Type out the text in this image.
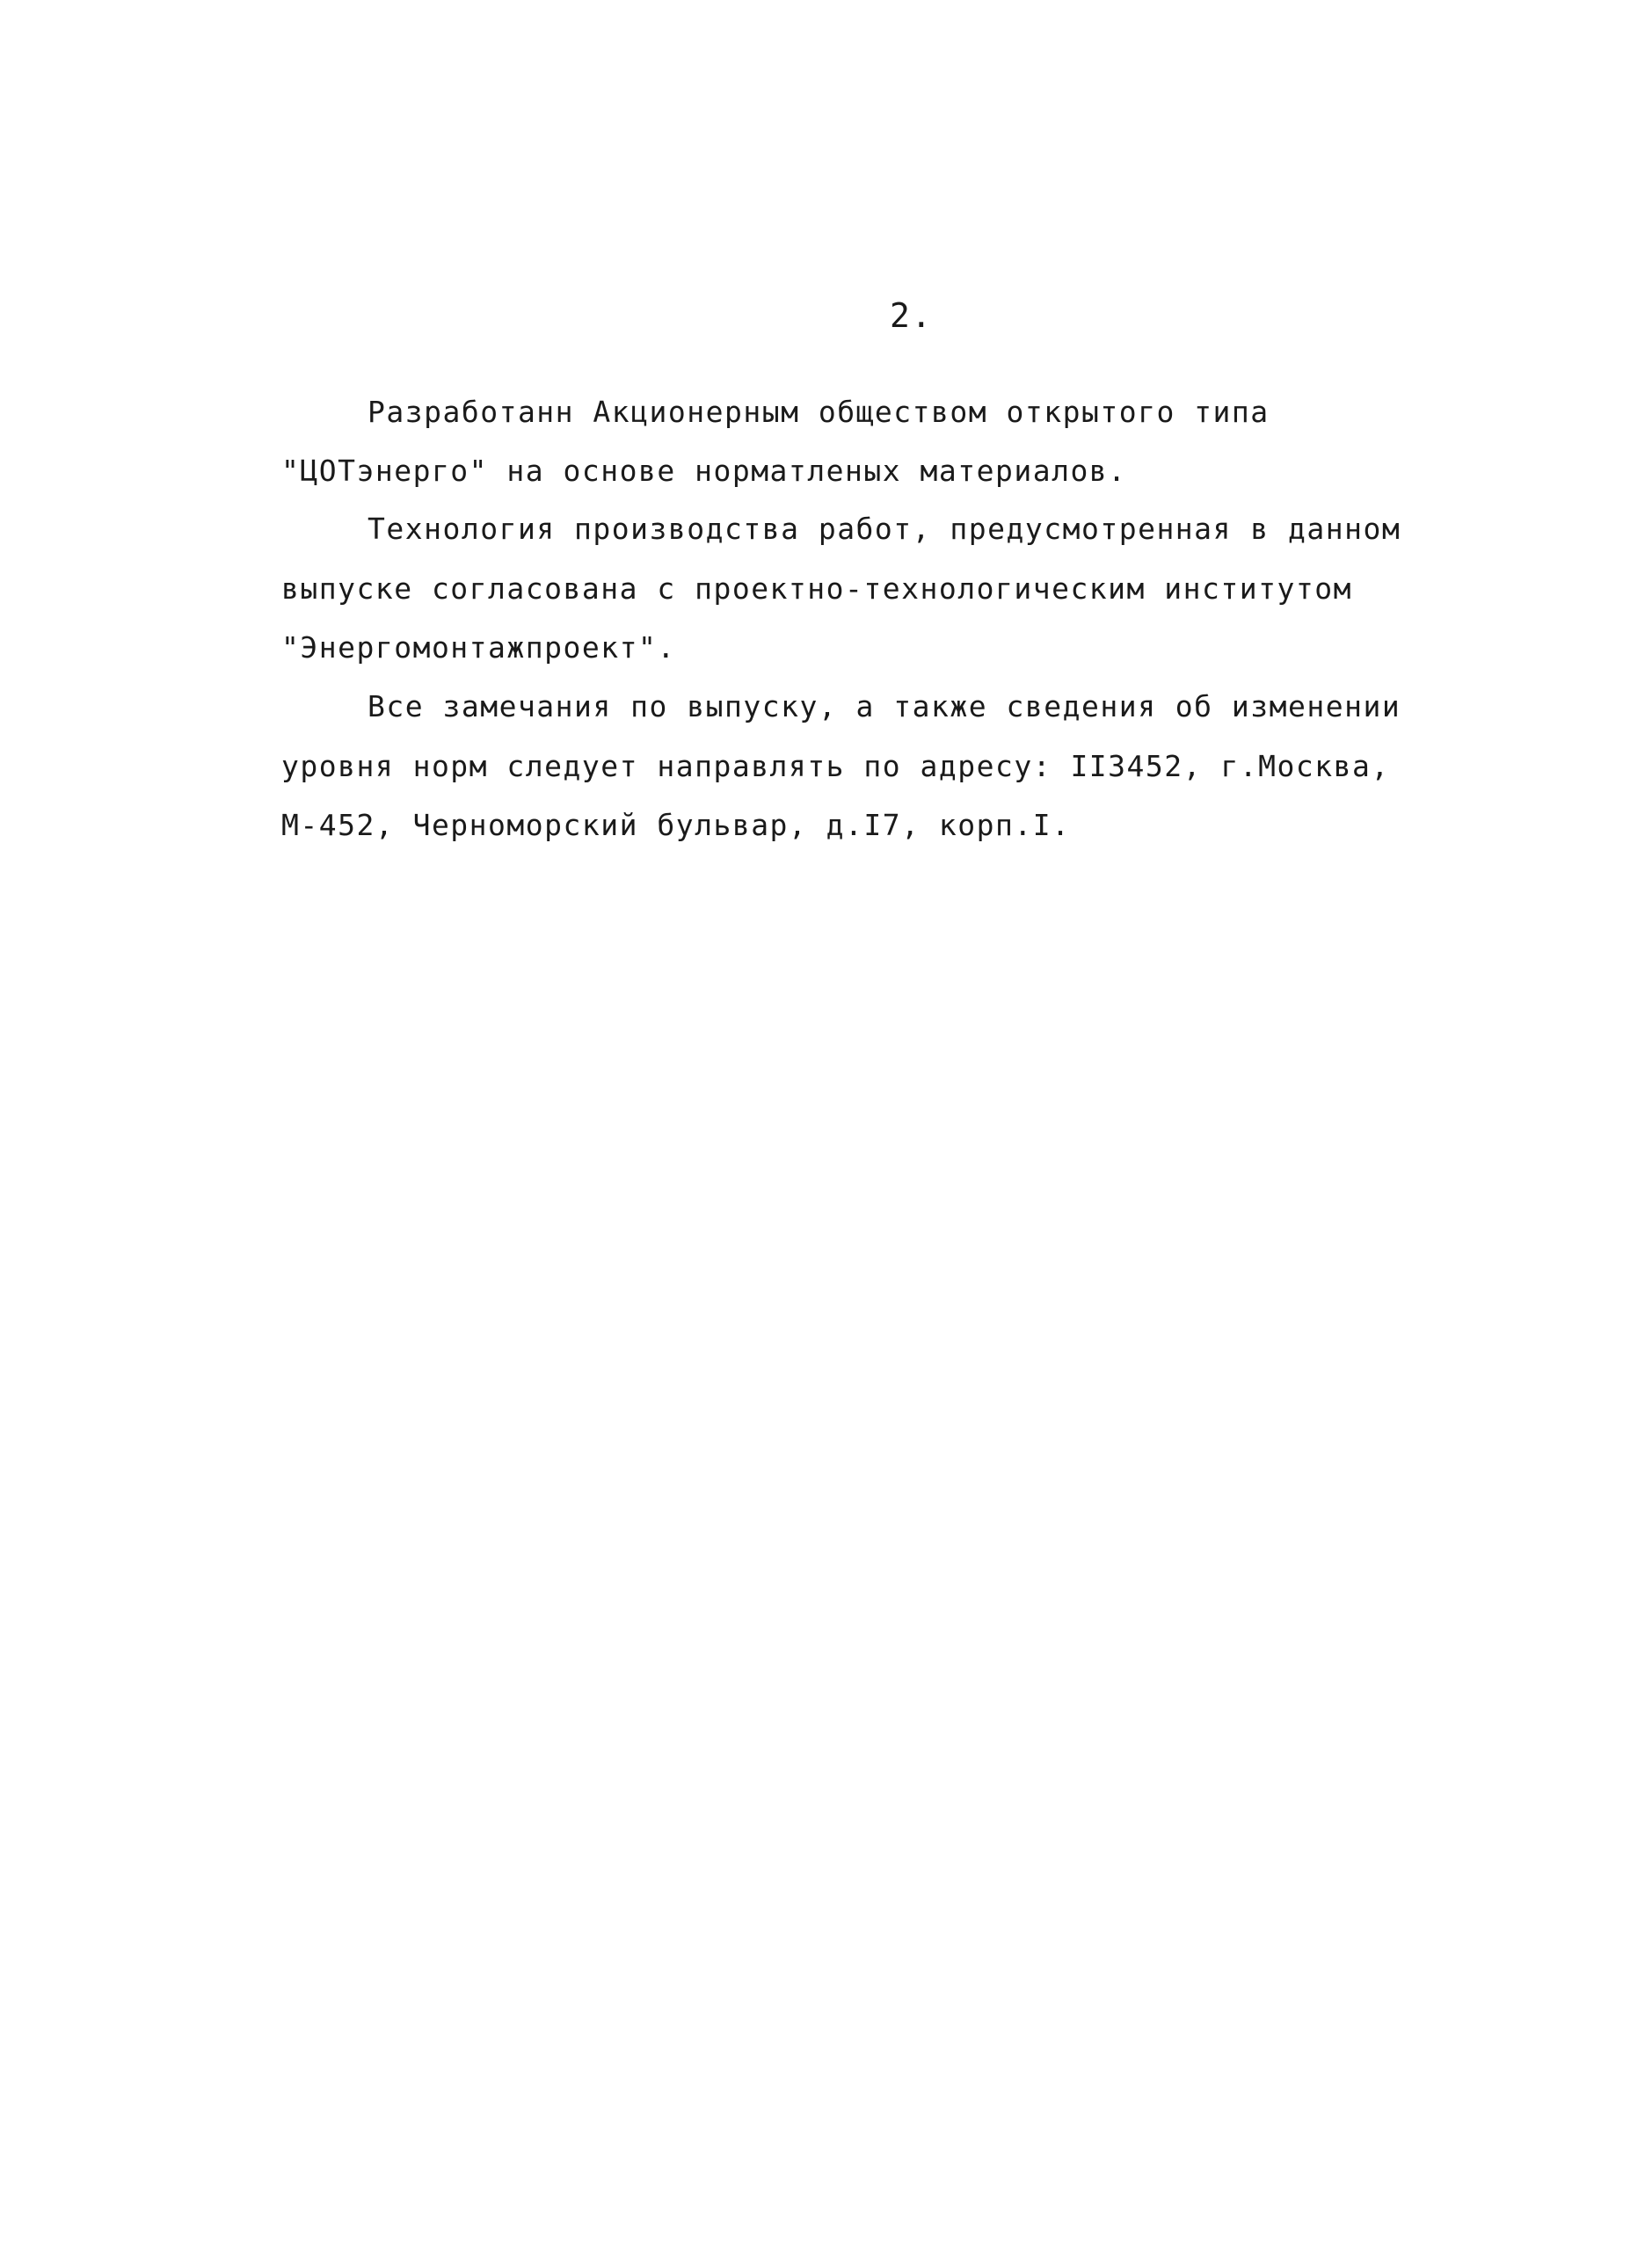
2.
Разработанн Акционерным обществом открытого типа
"ЦОТэнерго" на основе норматленых материалов.
Технология производства работ, предусмотренная в данном
выпуске согласована с проектно-технологическим институтом
"Энергомонтажпроект".
Все замечания по выпуску, а также сведения об изменении
уровня норм следует направлять по адресу: II3452, г.Москва,
М-452, Черноморский бульвар, д.I7, корп.I.
